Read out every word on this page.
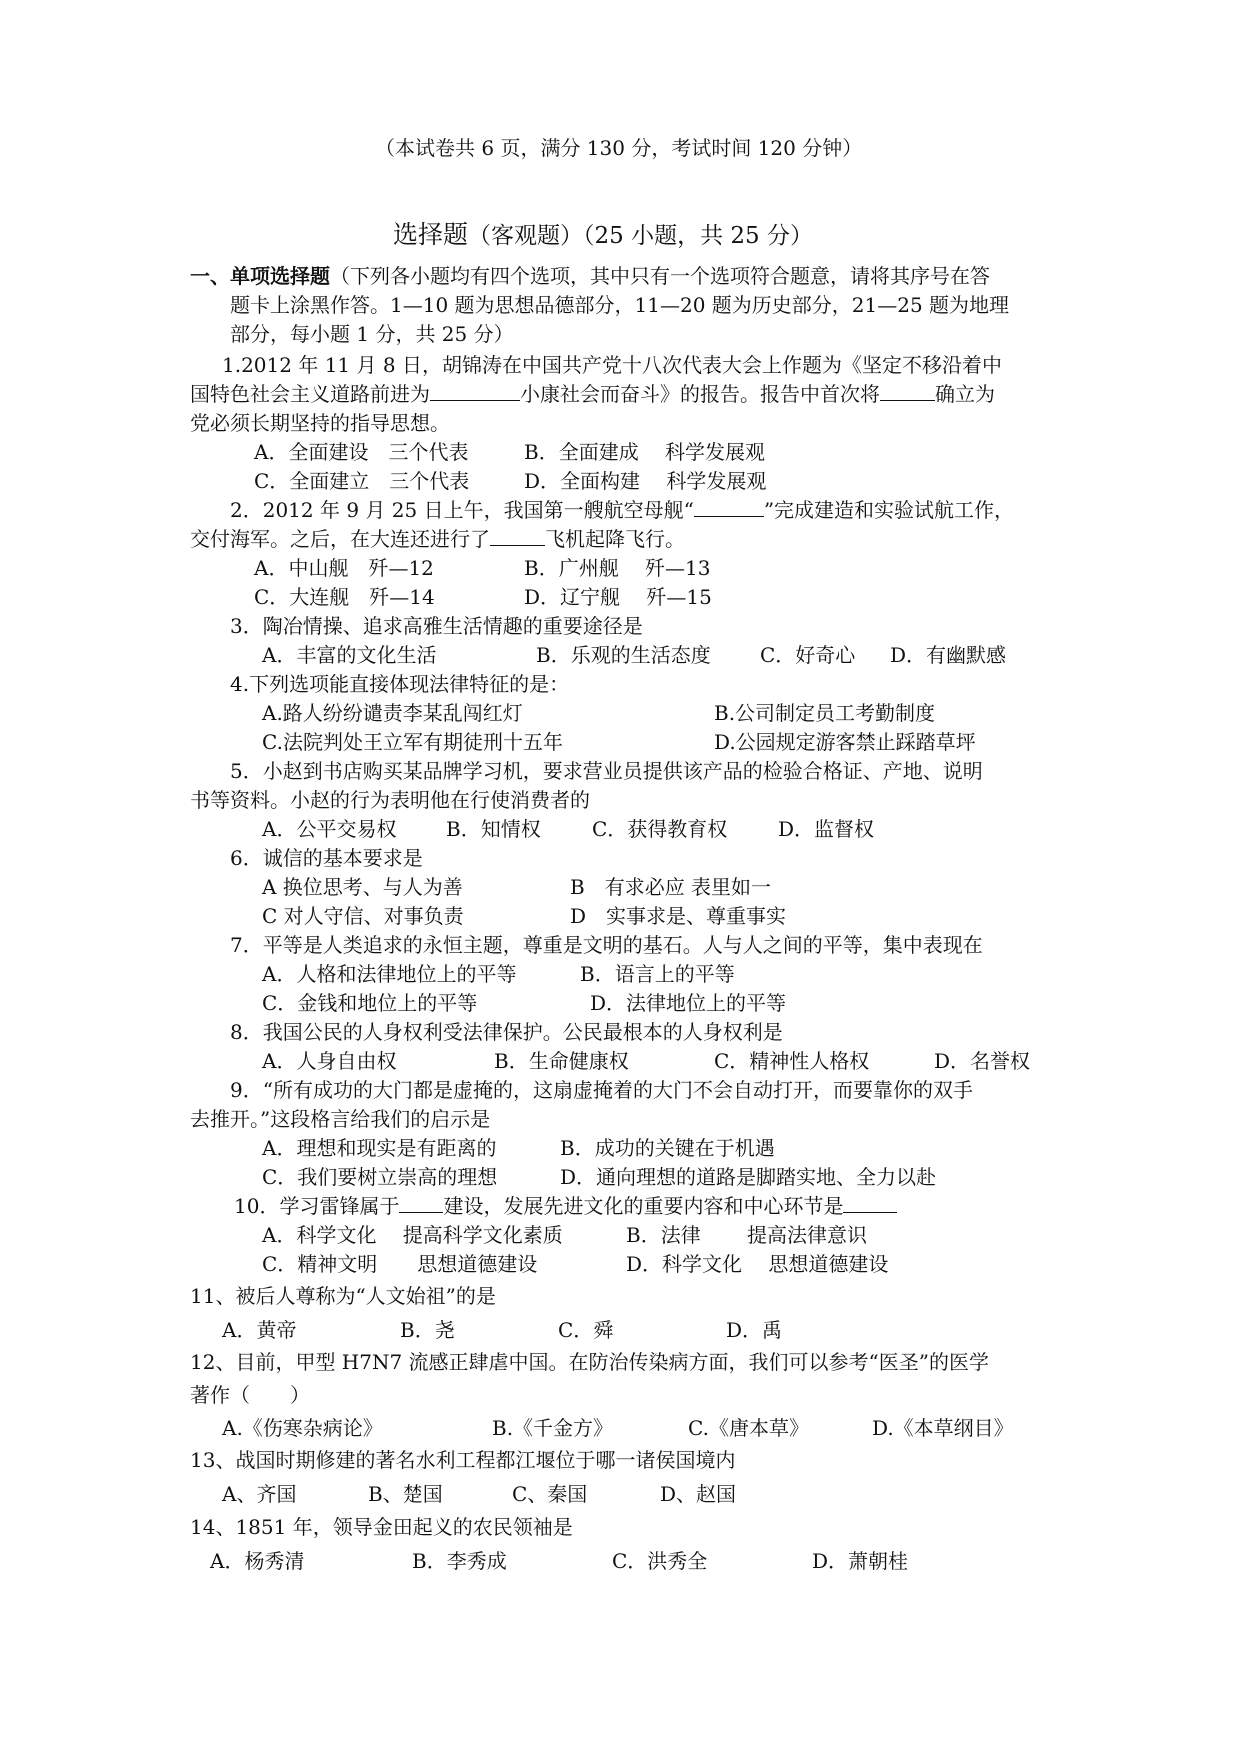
（本试卷共 6 页，满分 130 分，考试时间 120 分钟）
选择题（客观题）（25 小题，共 25 分）
一、单项选择题（下列各小题均有四个选项，其中只有一个选项符合题意，请将其序号在答
题卡上涂黑作答。1—10 题为思想品德部分，11—20 题为历史部分，21—25 题为地理
部分，每小题 1 分，共 25 分）
1.2012 年 11 月 8 日，胡锦涛在中国共产党十八次代表大会上作题为《坚定不移沿着中
国特色社会主义道路前进为	小康社会而奋斗》的报告。报告中首次将	确立为
党必须长期坚持的指导思想。
A．全面建设　三个代表	B．全面建成　 科学发展观
C．全面建立　三个代表	D．全面构建　 科学发展观
2．2012 年 9 月 25 日上午，我国第一艘航空母舰“	”完成建造和实验试航工作，
交付海军。之后，在大连还进行了	飞机起降飞行。
A．中山舰　歼—12	B．广州舰　 歼—13
C．大连舰　歼—14	D．辽宁舰　 歼—15
3．陶冶情操、追求高雅生活情趣的重要途径是
A．丰富的文化生活	B．乐观的生活态度 C．好奇心 D．有幽默感
4.下列选项能直接体现法律特征的是：
A.路人纷纷谴责李某乱闯红灯	B.公司制定员工考勤制度
C.法院判处王立军有期徒刑十五年	D.公园规定游客禁止踩踏草坪
5．小赵到书店购买某品牌学习机，要求营业员提供该产品的检验合格证、产地、说明
书等资料。小赵的行为表明他在行使消费者的
A．公平交易权 B．知情权	C．获得教育权	D．监督权
6．诚信的基本要求是
A 换位思考、与人为善	B　有求必应 表里如一
C 对人守信、对事负责	D　实事求是、尊重事实
7．平等是人类追求的永恒主题，尊重是文明的基石。人与人之间的平等，集中表现在
A．人格和法律地位上的平等	B．语言上的平等
C．金钱和地位上的平等	D．法律地位上的平等
8．我国公民的人身权利受法律保护。公民最根本的人身权利是
A．人身自由权	B．生命健康权	C．精神性人格权	D．名誉权
9．“所有成功的大门都是虚掩的，这扇虚掩着的大门不会自动打开，而要靠你的双手
去推开。”这段格言给我们的启示是
A．理想和现实是有距离的	B．成功的关键在于机遇
C．我们要树立崇高的理想	D．通向理想的道路是脚踏实地、全力以赴
10．学习雷锋属于 建设，发展先进文化的重要内容和中心环节是
A．科学文化　 提高科学文化素质	B．法律　　 提高法律意识
C．精神文明　　思想道德建设	D．科学文化　 思想道德建设
11、被后人尊称为“人文始祖”的是
A．黄帝	B．尧	C．舜	D．禹
12、目前，甲型 H7N7 流感正肆虐中国。在防治传染病方面，我们可以参考“医圣”的医学
著作（　　）
A.《伤寒杂病论》	B.《千金方》	C.《唐本草》	D.《本草纲目》
13、战国时期修建的著名水利工程都江堰位于哪一诸侯国境内
A、齐国	B、楚国	C、秦国	D、赵国
14、1851 年，领导金田起义的农民领袖是
A．杨秀清	B．李秀成	C．洪秀全	D．萧朝桂
